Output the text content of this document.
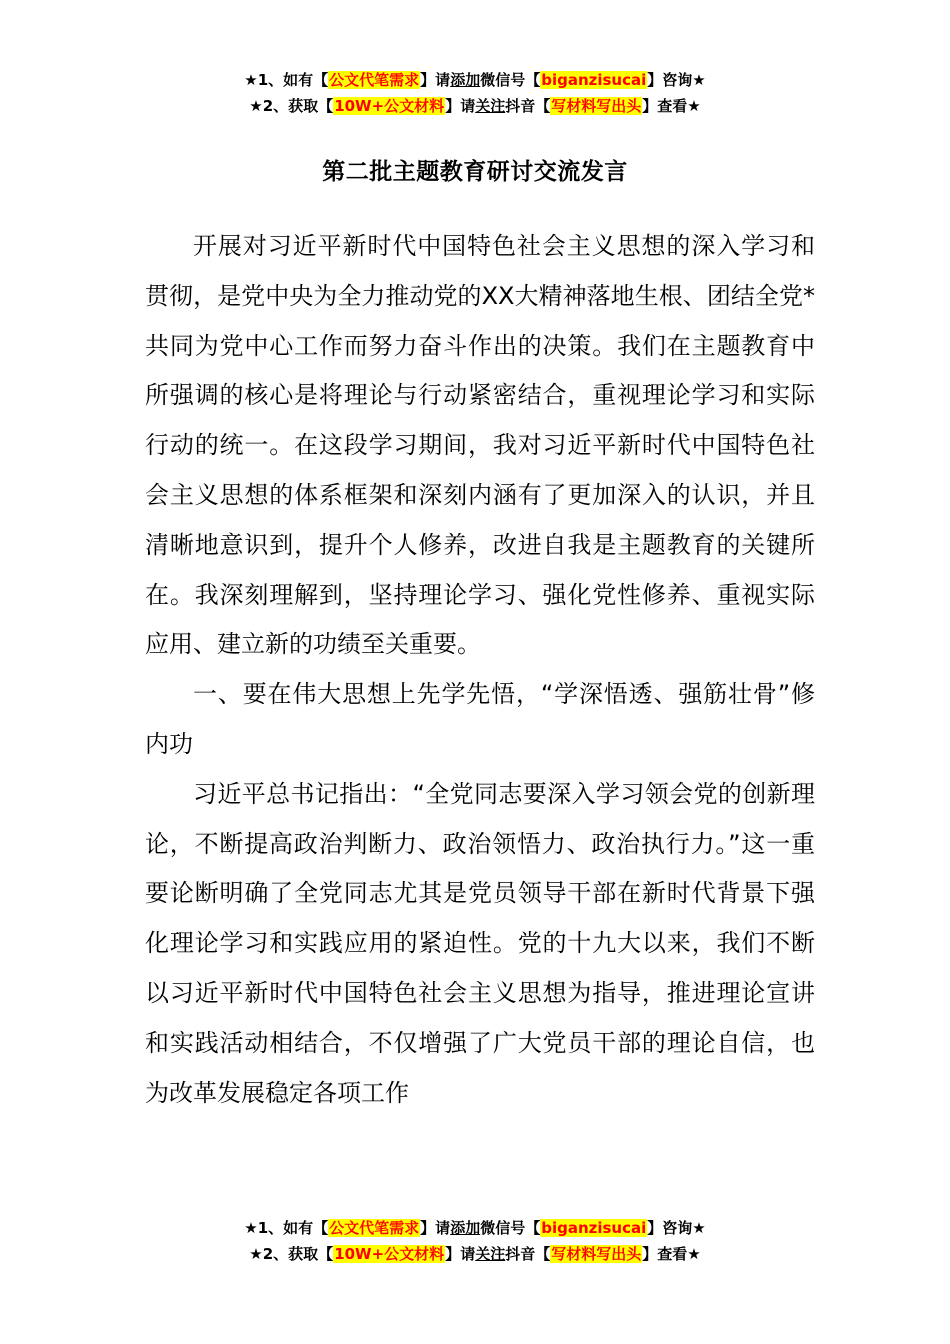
★1、如有【公文代笔需求】请添加微信号【biganzisucai】咨询★
★2、获取【10W+公文材料】请关注抖音【写材料写出头】查看★
第二批主题教育研讨交流发言

开展对习近平新时代中国特色社会主义思想的深入学习和贯彻，是党中央为全力推动党的XX大精神落地生根、团结全党*共同为党中心工作而努力奋斗作出的决策。我们在主题教育中所强调的核心是将理论与行动紧密结合，重视理论学习和实际行动的统一。在这段学习期间，我对习近平新时代中国特色社会主义思想的体系框架和深刻内涵有了更加深入的认识，并且清晰地意识到，提升个人修养，改进自我是主题教育的关键所在。我深刻理解到，坚持理论学习、强化党性修养、重视实际应用、建立新的功绩至关重要。

一、要在伟大思想上先学先悟，“学深悟透、强筋壮骨”修内功

习近平总书记指出：“全党同志要深入学习领会党的创新理论，不断提高政治判断力、政治领悟力、政治执行力。”这一重要论断明确了全党同志尤其是党员领导干部在新时代背景下强化理论学习和实践应用的紧迫性。党的十九大以来，我们不断以习近平新时代中国特色社会主义思想为指导，推进理论宣讲和实践活动相结合，不仅增强了广大党员干部的理论自信，也为改革发展稳定各项工作

★1、如有【公文代笔需求】请添加微信号【biganzisucai】咨询★
★2、获取【10W+公文材料】请关注抖音【写材料写出头】查看★
